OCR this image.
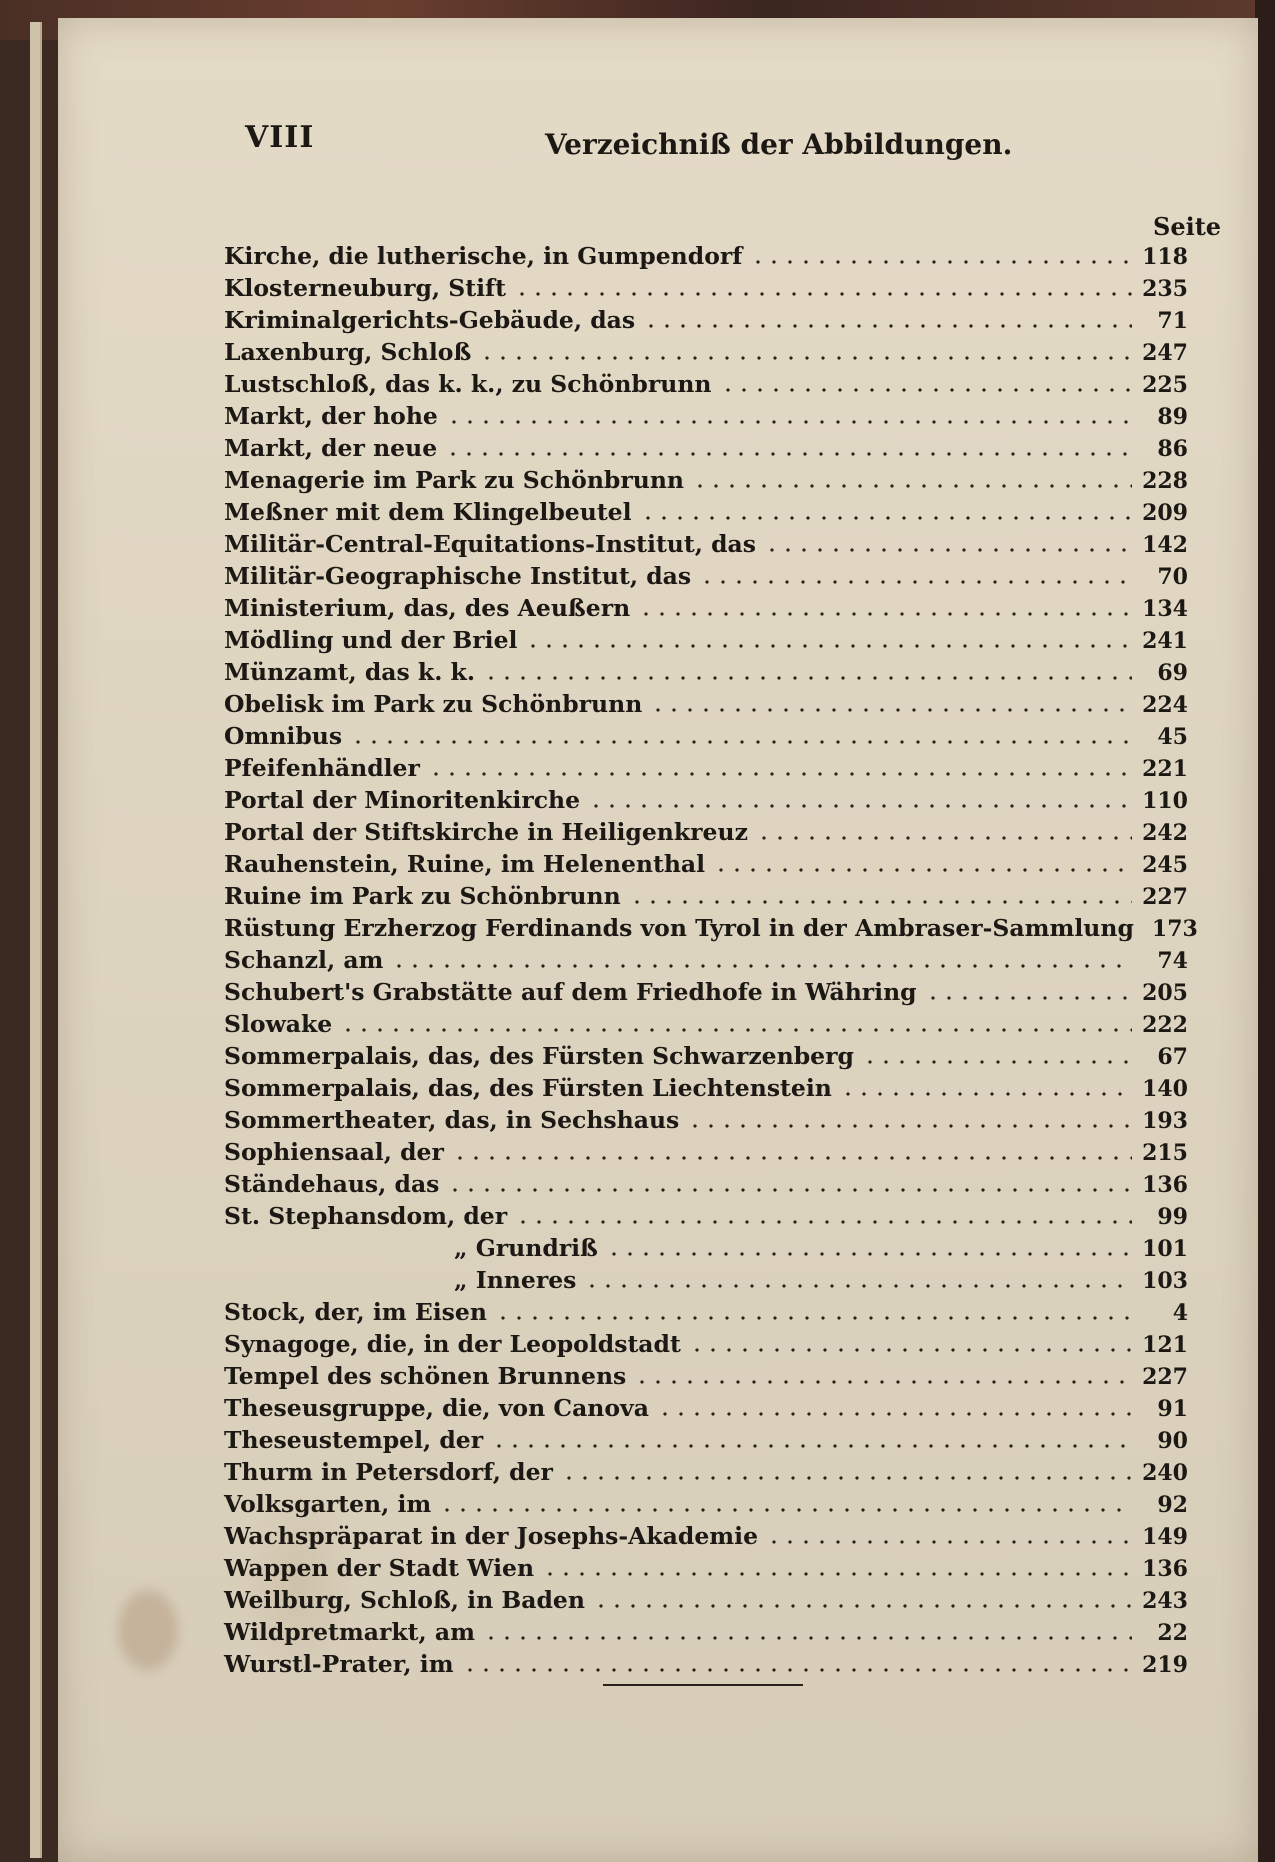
VIII	Verzeichniß der Abbildungen.
Seite
Kirche, die lutherische, in Gumpendorf	118
Klosterneuburg, Stift	235
Kriminalgerichts-Gebäude, das	71
Laxenburg, Schloß	247
Lustschloß, das k. k., zu Schönbrunn	225
Markt, der hohe	89
Markt, der neue	86
Menagerie im Park zu Schönbrunn	228
Meßner mit dem Klingelbeutel	209
Militär-Central-Equitations-Institut, das	142
Militär-Geographische Institut, das	70
Ministerium, das, des Aeußern	134
Mödling und der Briel	241
Münzamt, das k. k.	69
Obelisk im Park zu Schönbrunn	224
Omnibus	45
Pfeifenhändler	221
Portal der Minoritenkirche	110
Portal der Stiftskirche in Heiligenkreuz	242
Rauhenstein, Ruine, im Helenenthal	245
Ruine im Park zu Schönbrunn	227
Rüstung Erzherzog Ferdinands von Tyrol in der Ambraser-Sammlung 173
Schanzl, am	74
Schubert's Grabstätte auf dem Friedhofe in Währing	205
Slowake	222
Sommerpalais, das, des Fürsten Schwarzenberg	67
Sommerpalais, das, des Fürsten Liechtenstein	140
Sommertheater, das, in Sechshaus	193
Sophiensaal, der	215
Ständehaus, das	136
St. Stephansdom, der	99
„ Grundriß	101
„ Inneres	103
Stock, der, im Eisen	4
Synagoge, die, in der Leopoldstadt	121
Tempel des schönen Brunnens	227
Theseusgruppe, die, von Canova	91
Theseustempel, der	90
Thurm in Petersdorf, der	240
Volksgarten, im	92
Wachspräparat in der Josephs-Akademie	149
Wappen der Stadt Wien	136
Weilburg, Schloß, in Baden	243
Wildpretmarkt, am	22
Wurstl-Prater, im	219
